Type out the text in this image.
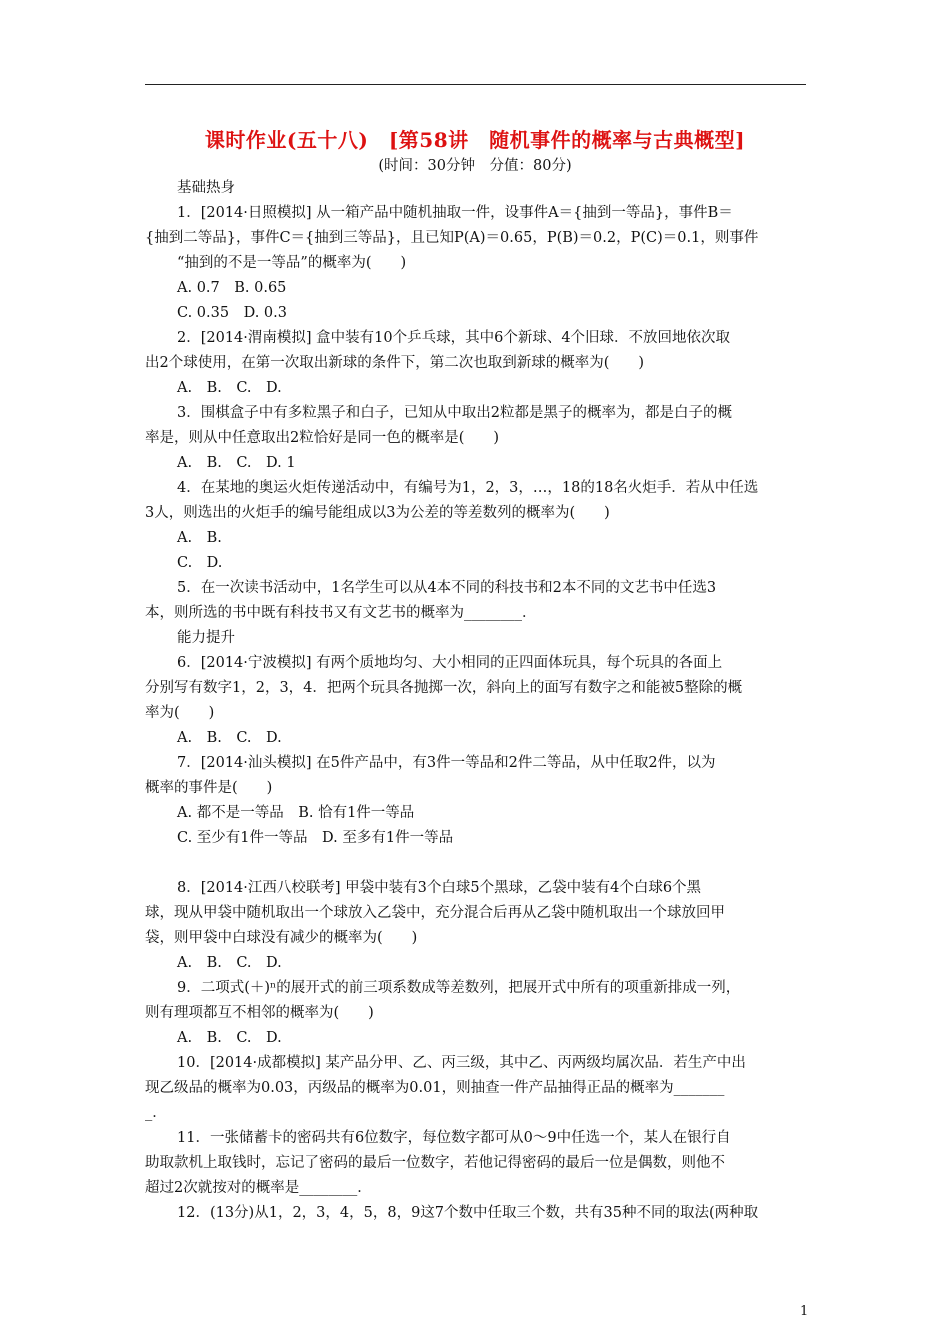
课时作业(五十八)　[第58讲　随机事件的概率与古典概型]
(时间：30分钟　分值：80分)

基础热身

1．[2014·日照模拟] 从一箱产品中随机抽取一件，设事件A＝{抽到一等品}，事件B＝

{抽到二等品}，事件C＝{抽到三等品}，且已知P(A)＝0.65，P(B)＝0.2，P(C)＝0.1，则事件

“抽到的不是一等品”的概率为(　　)

A. 0.7　B. 0.65

C. 0.35　D. 0.3

2．[2014·渭南模拟] 盒中装有10个乒乓球，其中6个新球、4个旧球．不放回地依次取

出2个球使用，在第一次取出新球的条件下，第二次也取到新球的概率为(　　)

A.　B.　C.　D.

3．围棋盒子中有多粒黑子和白子，已知从中取出2粒都是黑子的概率为，都是白子的概

率是，则从中任意取出2粒恰好是同一色的概率是(　　)

A.　B.　C.　D. 1

4．在某地的奥运火炬传递活动中，有编号为1，2，3，…，18的18名火炬手．若从中任选

3人，则选出的火炬手的编号能组成以3为公差的等差数列的概率为(　　)

A.　B.

C.　D.

5．在一次读书活动中，1名学生可以从4本不同的科技书和2本不同的文艺书中任选3

本，则所选的书中既有科技书又有文艺书的概率为________．

能力提升

6．[2014·宁波模拟] 有两个质地均匀、大小相同的正四面体玩具，每个玩具的各面上

分别写有数字1，2，3，4．把两个玩具各抛掷一次，斜向上的面写有数字之和能被5整除的概

率为(　　)

A.　B.　C.　D.

7．[2014·汕头模拟] 在5件产品中，有3件一等品和2件二等品，从中任取2件，以为

概率的事件是(　　)

A. 都不是一等品　B. 恰有1件一等品

C. 至少有1件一等品　D. 至多有1件一等品

8．[2014·江西八校联考] 甲袋中装有3个白球5个黑球，乙袋中装有4个白球6个黑

球，现从甲袋中随机取出一个球放入乙袋中，充分混合后再从乙袋中随机取出一个球放回甲

袋，则甲袋中白球没有减少的概率为(　　)

A.　B.　C.　D.

9．二项式(＋)ⁿ的展开式的前三项系数成等差数列，把展开式中所有的项重新排成一列，

则有理项都互不相邻的概率为(　　)

A.　B.　C.　D.

10．[2014·成都模拟] 某产品分甲、乙、丙三级，其中乙、丙两级均属次品．若生产中出

现乙级品的概率为0.03，丙级品的概率为0.01，则抽查一件产品抽得正品的概率为_______

_．

11．一张储蓄卡的密码共有6位数字，每位数字都可从0～9中任选一个，某人在银行自

助取款机上取钱时，忘记了密码的最后一位数字，若他记得密码的最后一位是偶数，则他不

超过2次就按对的概率是________．

12．(13分)从1，2，3，4，5，8，9这7个数中任取三个数，共有35种不同的取法(两种取

1
